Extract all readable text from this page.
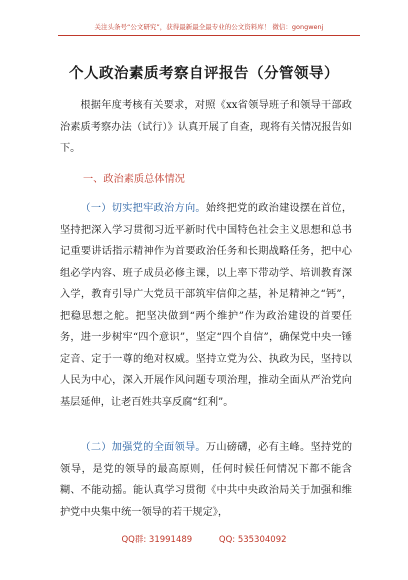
关注头条号“公文研究”，获得最新最全最专业的公文资料库！ 微信：gongwenj
个人政治素质考察自评报告（分管领导）

根据年度考核有关要求，对照《xx省领导班子和领导干部政治素质考察办法（试行）》认真开展了自查，现将有关情况报告如下。

一、政治素质总体情况

（一）切实把牢政治方向。始终把党的政治建设摆在首位，坚持把深入学习贯彻习近平新时代中国特色社会主义思想和总书记重要讲话指示精神作为首要政治任务和长期战略任务，把中心组必学内容、班子成员必修主课，以上率下带动学、培训教育深入学，教育引导广大党员干部筑牢信仰之基，补足精神之“钙”，把稳思想之舵。把坚决做到“两个维护”作为政治建设的首要任务，进一步树牢“四个意识”，坚定“四个自信”，确保党中央一锤定音、定于一尊的绝对权威。坚持立党为公、执政为民，坚持以人民为中心，深入开展作风问题专项治理，推动全面从严治党向基层延伸，让老百姓共享反腐“红利”。

（二）加强党的全面领导。万山磅礴，必有主峰。坚持党的领导，是党的领导的最高原则，任何时候任何情况下都不能含糊、不能动摇。能认真学习贯彻《中共中央政治局关于加强和维护党中央集中统一领导的若干规定》，

QQ群: 31991489	QQ: 535304092
